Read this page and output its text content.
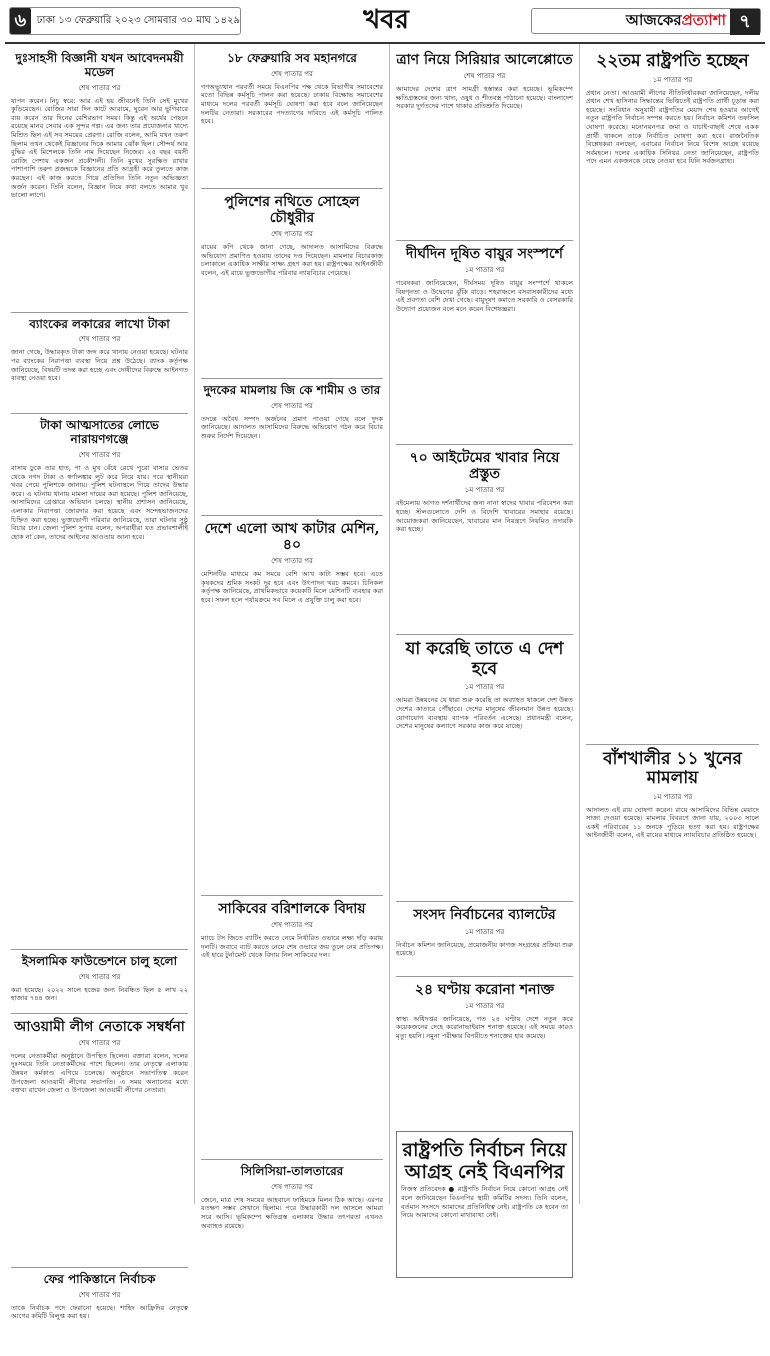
৬	ঢাকা ১৩ ফেব্রুয়ারি ২০২৩ সোমবার ৩০ মাঘ ১৪২৯	খবর	আজকের প্রত্যাশা ৭
দুঃসাহসী বিজ্ঞানী যখন আবেদনময়ী মডেল
শেষ পাতার পর
যাপন করেন। নিচু স্বরে: আর এই হয় জীবনেই তিনি সেই মুখের কুড়িয়েছেন। রোজির সারা দিন কাটে আরামে, ঘুরেন আর ভুগিবারে ব্যয় করেন তার দিনের বেশিরভাগ সময়। কিন্তু এই অর্থের পেছনে রয়েছে মানব সেবার এক সুন্দর গল্প। এর জন্য তার প্রযোজনার খাদ্যে মিশ্রিত ছিল এই সব সময়ের প্রেরণা। রোজি বলেন, আমি যখন তরুণ ছিলাম তখন থেকেই বিজ্ঞানের দিকে আমার ঝোঁক ছিল। সৌন্দর্য আর বুদ্ধির এই মিশেলকে তিনি নাম দিয়েছেন নিজের। ২৫ বছর বয়সী রোজি পেশায় একজন প্রকৌশলী। তিনি মুখের সুরক্ষিত রাখার পাশাপাশি তরুণ প্রজন্মকে বিজ্ঞানের প্রতি আগ্রহী করে তুলতে কাজ করছেন। এই কাজ করতে গিয়ে প্রতিদিন তিনি নতুন অভিজ্ঞতা অর্জন করেন। তিনি বলেন, বিজ্ঞান নিয়ে কথা বলতে আমার খুব ভালো লাগে।
ব্যাংকের লকারের লাখো টাকা
শেষ পাতার পর
জানা গেছে, উদ্ধারকৃত টাকা জব্দ করে থানায় নেওয়া হয়েছে। ঘটনার পর ব্যাংকের নিরাপত্তা ব্যবস্থা নিয়ে প্রশ্ন উঠেছে। ব্যাংক কর্তৃপক্ষ জানিয়েছে, বিষয়টি তদন্ত করা হচ্ছে এবং দোষীদের বিরুদ্ধে আইনগত ব্যবস্থা নেওয়া হবে।
টাকা আত্মসাতের লোভে নারায়ণগঞ্জে
শেষ পাতার পর
বাসায় ঢুকে তার হাত, পা ও মুখ বেঁধে রেখে পুরো বাসার ভেতর থেকে নগদ টাকা ও স্বর্ণালঙ্কার লুট করে নিয়ে যায়। পরে স্থানীয়রা খবর পেয়ে পুলিশকে জানায়। পুলিশ ঘটনাস্থলে গিয়ে তাদের উদ্ধার করে। এ ঘটনায় থানায় মামলা দায়ের করা হয়েছে। পুলিশ জানিয়েছে, আসামিদের গ্রেপ্তারে অভিযান চলছে। স্থানীয় প্রশাসন জানিয়েছে, এলাকার নিরাপত্তা জোরদার করা হয়েছে এবং সন্দেহভাজনদের চিহ্নিত করা হচ্ছে। ভুক্তভোগী পরিবার জানিয়েছে, তারা ঘটনার সুষ্ঠু বিচার চান। জেলা পুলিশ সুপার বলেন, অপরাধীরা যত প্রভাবশালীই হোক না কেন, তাদের আইনের আওতায় আনা হবে।
ইসলামিক ফাউন্ডেশনে চালু হলো
শেষ পাতার পর
করা হয়েছে। ২০২২ সালে হজের জন্য নিবন্ধিত ছিল ৫ লাখ ২২ হাজার ৭৪৪ জন।
আওয়ামী লীগ নেতাকে সম্বর্ধনা
শেষ পাতার পর
দলের নেতাকর্মীরা অনুষ্ঠানে উপস্থিত ছিলেন। বক্তারা বলেন, দলের দুঃসময়ে তিনি নেতাকর্মীদের পাশে ছিলেন। তার নেতৃত্বে এলাকায় উন্নয়ন কর্মকাণ্ড এগিয়ে চলেছে। অনুষ্ঠানে সভাপতিত্ব করেন উপজেলা আওয়ামী লীগের সভাপতি। এ সময় অন্যান্যের মধ্যে বক্তব্য রাখেন জেলা ও উপজেলা আওয়ামী লীগের নেতারা।
ফের পাকিস্তানে নির্বাচক
শেষ পাতার পর
তাকে নির্বাচক পদে ফেরানো হয়েছে। শাহিদ আফ্রিদির নেতৃত্বে আগের কমিটি বিলুপ্ত করা হয়।
১৮ ফেব্রুয়ারি সব মহানগরে
শেষ পাতার পর
গণঅভ্যুত্থান পরবর্তী সময়ে বিএনপির পক্ষ থেকে বিভাগীয় সমাবেশের মতো বিভিন্ন কর্মসূচি পালন করা হয়েছে। ঢাকায় বিক্ষোভ সমাবেশের মাধ্যমে দলের পরবর্তী কর্মসূচি ঘোষণা করা হবে বলে জানিয়েছেন দলটির নেতারা। সরকারের পদত্যাগের দাবিতে এই কর্মসূচি পালিত হবে।
পুলিশের নথিতে সোহেল চৌধুরীর
শেষ পাতার পর
রায়ের কপি থেকে জানা গেছে, আদালত আসামিদের বিরুদ্ধে অভিযোগ প্রমাণিত হওয়ায় তাদের দণ্ড দিয়েছেন। মামলার বিচারকাজ চলাকালে একাধিক সাক্ষীর সাক্ষ্য গ্রহণ করা হয়। রাষ্ট্রপক্ষের আইনজীবী বলেন, এই রায়ে ভুক্তভোগীর পরিবার ন্যায়বিচার পেয়েছে।
দুদকের মামলায় জি কে শামীম ও তার
শেষ পাতার পর
তদন্তে অবৈধ সম্পদ অর্জনের প্রমাণ পাওয়া গেছে বলে দুদক জানিয়েছে। আদালত আসামিদের বিরুদ্ধে অভিযোগ গঠন করে বিচার শুরুর নির্দেশ দিয়েছেন।
দেশে এলো আখ কাটার মেশিন, ৪০
শেষ পাতার পর
মেশিনটির মাধ্যমে কম সময়ে বেশি আখ কাটা সম্ভব হবে। এতে কৃষকদের শ্রমিক সংকট দূর হবে এবং উৎপাদন খরচ কমবে। চিনিকল কর্তৃপক্ষ জানিয়েছে, প্রাথমিকভাবে কয়েকটি মিলে মেশিনটি ব্যবহার করা হবে। সফল হলে পর্যায়ক্রমে সব মিলে এ প্রযুক্তি চালু করা হবে।
সাকিবের বরিশালকে বিদায়
শেষ পাতার পর
ম্যাচে টস জিতে ব্যাটিং করতে নেমে নির্ধারিত ওভারে লক্ষ্য দাঁড় করায় দলটি। জবাবে ব্যাট করতে নেমে শেষ ওভারে জয় তুলে নেয় প্রতিপক্ষ। এই হারে টুর্নামেন্ট থেকে বিদায় নিল সাকিবের দল।
সিলিসিয়া-তালতারের
শেষ পাতার পর
জেনে, মাত্র শেষ সময়ের আহবানে ফাহিমকে মিলন ঠিক আছে। এরপর যতক্ষণ সম্ভব সেখানে ছিলাম। পরে উদ্ধারকারী দল আসলে আমরা সরে আসি। ভূমিকম্পে ক্ষতিগ্রস্ত এলাকায় উদ্ধার তৎপরতা এখনও অব্যাহত রয়েছে।
ত্রাণ নিয়ে সিরিয়ার আলেপ্পোতে
শেষ পাতার পর
আমাদের দেশের ত্রাণ সামগ্রী হস্তান্তর করা হয়েছে। ভূমিকম্পে ক্ষতিগ্রস্তদের জন্য খাদ্য, ওষুধ ও শীতবস্ত্র পাঠানো হয়েছে। বাংলাদেশ সরকার দুর্গতদের পাশে থাকার প্রতিশ্রুতি দিয়েছে।
দীর্ঘদিন দূষিত বায়ুর সংস্পর্শে
১ম পাতার পর
গবেষকরা জানিয়েছেন, দীর্ঘসময় দূষিত বায়ুর সংস্পর্শে থাকলে বিষণ্নতা ও উদ্বেগের ঝুঁকি বাড়ে। শহরাঞ্চলে বসবাসকারীদের মধ্যে এই প্রবণতা বেশি দেখা গেছে। বায়ুদূষণ কমাতে সরকারি ও বেসরকারি উদ্যোগ প্রয়োজন বলে মনে করেন বিশেষজ্ঞরা।
৭০ আইটেমের খাবার নিয়ে প্রস্তুত
১ম পাতার পর
বইমেলায় আগত দর্শনার্থীদের জন্য নানা স্বাদের খাবার পরিবেশন করা হচ্ছে। স্টলগুলোতে দেশি ও বিদেশি খাবারের সমাহার রয়েছে। আয়োজকরা জানিয়েছেন, খাবারের মান নিয়ন্ত্রণে নিয়মিত তদারকি করা হচ্ছে।
যা করেছি তাতে এ দেশ হবে
১ম পাতার পর
আমরা উন্নয়নের যে ধারা শুরু করেছি তা অব্যাহত থাকলে দেশ উন্নত দেশের কাতারে পৌঁছাবে। দেশের মানুষের জীবনমান উন্নত হয়েছে। যোগাযোগ ব্যবস্থায় ব্যাপক পরিবর্তন এসেছে। প্রধানমন্ত্রী বলেন, দেশের মানুষের কল্যাণে সরকার কাজ করে যাচ্ছে।
সংসদ নির্বাচনের ব্যালটের
১ম পাতার পর
নির্বাচন কমিশন জানিয়েছে, প্রয়োজনীয় কাগজ সংগ্রহের প্রক্রিয়া শুরু হয়েছে।
২৪ ঘণ্টায় করোনা শনাক্ত
১ম পাতার পর
স্বাস্থ্য অধিদপ্তর জানিয়েছে, গত ২৪ ঘণ্টায় দেশে নতুন করে কয়েকজনের দেহে করোনাভাইরাস শনাক্ত হয়েছে। এই সময়ে কারও মৃত্যু হয়নি। নমুনা পরীক্ষার বিপরীতে শনাক্তের হার কমেছে।
রাষ্ট্রপতি নির্বাচন নিয়ে আগ্রহ নেই বিএনপির
নিজস্ব প্রতিবেদক ● রাষ্ট্রপতি নির্বাচন নিয়ে কোনো আগ্রহ নেই বলে জানিয়েছেন বিএনপির স্থায়ী কমিটির সদস্য। তিনি বলেন, বর্তমান সংসদে আমাদের প্রতিনিধিত্ব নেই। রাষ্ট্রপতি কে হবেন তা নিয়ে আমাদের কোনো মাথাব্যথা নেই।
২২তম রাষ্ট্রপতি হচ্ছেন
১ম পাতার পর
প্রধান নেতা। আওয়ামী লীগের নীতিনির্ধারকরা জানিয়েছেন, দলীয় প্রধান শেখ হাসিনার সিদ্ধান্তের ভিত্তিতেই রাষ্ট্রপতি প্রার্থী চূড়ান্ত করা হয়েছে। সংবিধান অনুযায়ী রাষ্ট্রপতির মেয়াদ শেষ হওয়ার আগেই নতুন রাষ্ট্রপতি নির্বাচন সম্পন্ন করতে হয়। নির্বাচন কমিশন তফসিল ঘোষণা করেছে। মনোনয়নপত্র জমা ও যাচাই-বাছাই শেষে একক প্রার্থী থাকলে তাকে নির্বাচিত ঘোষণা করা হবে। রাজনৈতিক বিশ্লেষকরা বলছেন, এবারের নির্বাচন নিয়ে বিশেষ আগ্রহ রয়েছে সর্বমহলে। দলের একাধিক সিনিয়র নেতা জানিয়েছেন, রাষ্ট্রপতি পদে এমন একজনকে বেছে নেওয়া হবে যিনি সর্বজনগ্রাহ্য।
বাঁশখালীর ১১ খুনের মামলায়
১ম পাতার পর
আদালত এই রায় ঘোষণা করেন। রায়ে আসামিদের বিভিন্ন মেয়াদে সাজা দেওয়া হয়েছে। মামলার বিবরণে জানা যায়, ২০০৩ সালে একই পরিবারের ১১ জনকে পুড়িয়ে হত্যা করা হয়। রাষ্ট্রপক্ষের আইনজীবী বলেন, এই রায়ের মাধ্যমে ন্যায়বিচার প্রতিষ্ঠিত হয়েছে।
